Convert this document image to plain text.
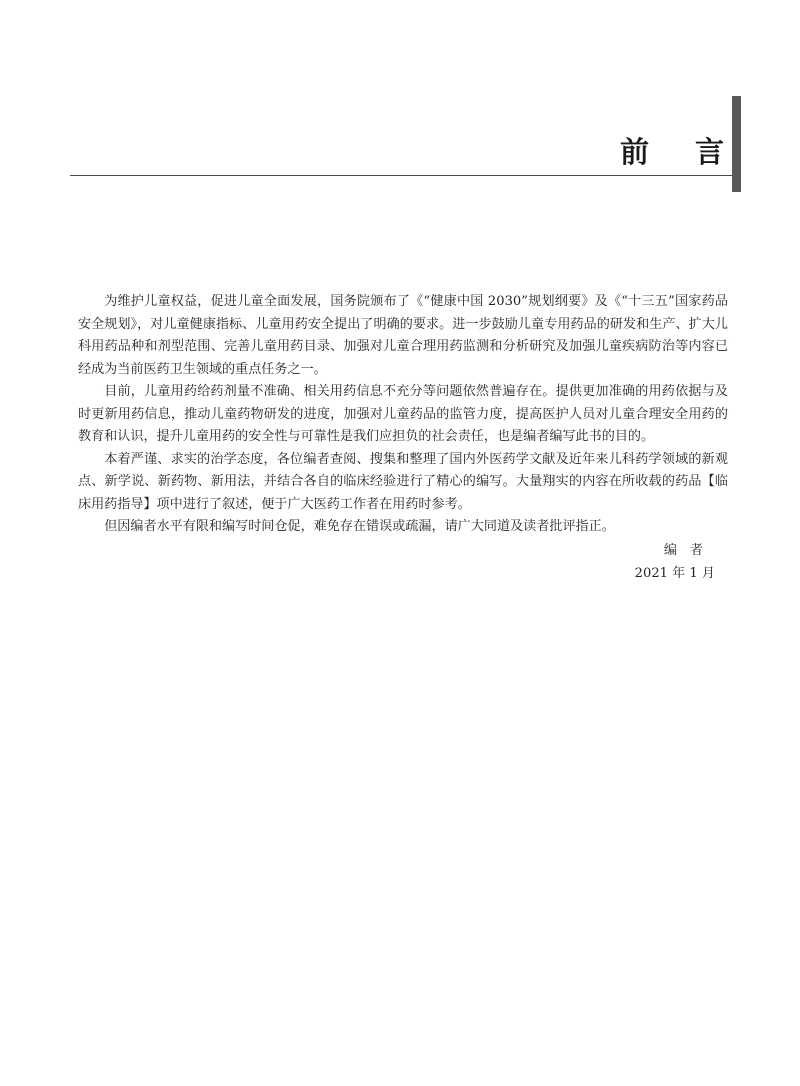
前言

为维护儿童权益，促进儿童全面发展，国务院颁布了《“健康中国 2030”规划纲要》及《“十三五”国家药品安全规划》，对儿童健康指标、儿童用药安全提出了明确的要求。进一步鼓励儿童专用药品的研发和生产、扩大儿科用药品种和剂型范围、完善儿童用药目录、加强对儿童合理用药监测和分析研究及加强儿童疾病防治等内容已经成为当前医药卫生领域的重点任务之一。

目前，儿童用药给药剂量不准确、相关用药信息不充分等问题依然普遍存在。提供更加准确的用药依据与及时更新用药信息，推动儿童药物研发的进度，加强对儿童药品的监管力度，提高医护人员对儿童合理安全用药的教育和认识，提升儿童用药的安全性与可靠性是我们应担负的社会责任，也是编者编写此书的目的。

本着严谨、求实的治学态度，各位编者查阅、搜集和整理了国内外医药学文献及近年来儿科药学领域的新观点、新学说、新药物、新用法，并结合各自的临床经验进行了精心的编写。大量翔实的内容在所收载的药品【临床用药指导】项中进行了叙述，便于广大医药工作者在用药时参考。

但因编者水平有限和编写时间仓促，难免存在错误或疏漏，请广大同道及读者批评指正。

编者
2021 年 1 月
